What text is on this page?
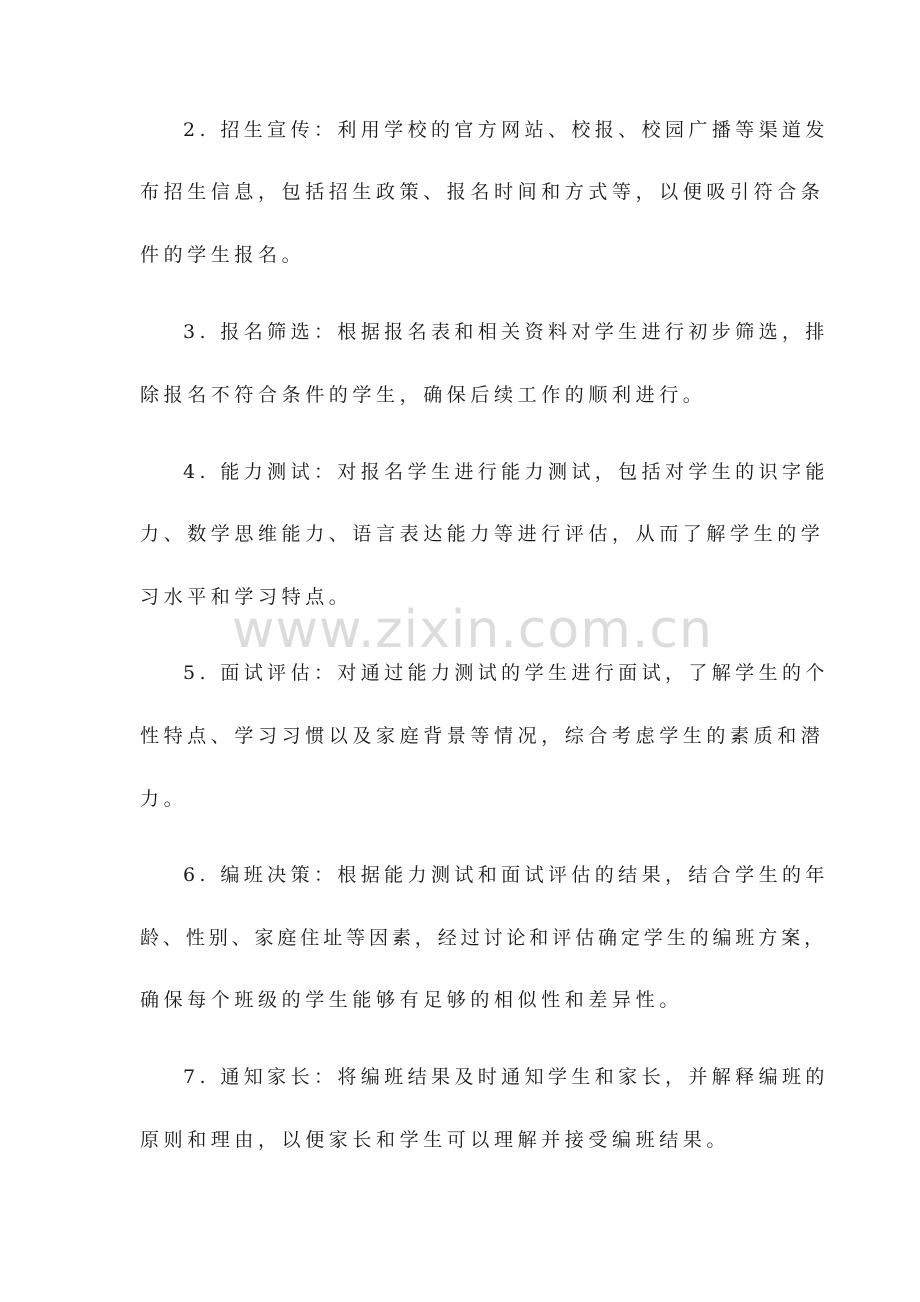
2. 招生宣传：利用学校的官方网站、校报、校园广播等渠道发
布招生信息，包括招生政策、报名时间和方式等，以便吸引符合条
件的学生报名。
3. 报名筛选：根据报名表和相关资料对学生进行初步筛选，排
除报名不符合条件的学生，确保后续工作的顺利进行。
4. 能力测试：对报名学生进行能力测试，包括对学生的识字能
力、数学思维能力、语言表达能力等进行评估，从而了解学生的学
习水平和学习特点。
www.zixin.com.cn
5. 面试评估：对通过能力测试的学生进行面试，了解学生的个
性特点、学习习惯以及家庭背景等情况，综合考虑学生的素质和潜
力。
6. 编班决策：根据能力测试和面试评估的结果，结合学生的年
龄、性别、家庭住址等因素，经过讨论和评估确定学生的编班方案，
确保每个班级的学生能够有足够的相似性和差异性。
7. 通知家长：将编班结果及时通知学生和家长，并解释编班的
原则和理由，以便家长和学生可以理解并接受编班结果。
